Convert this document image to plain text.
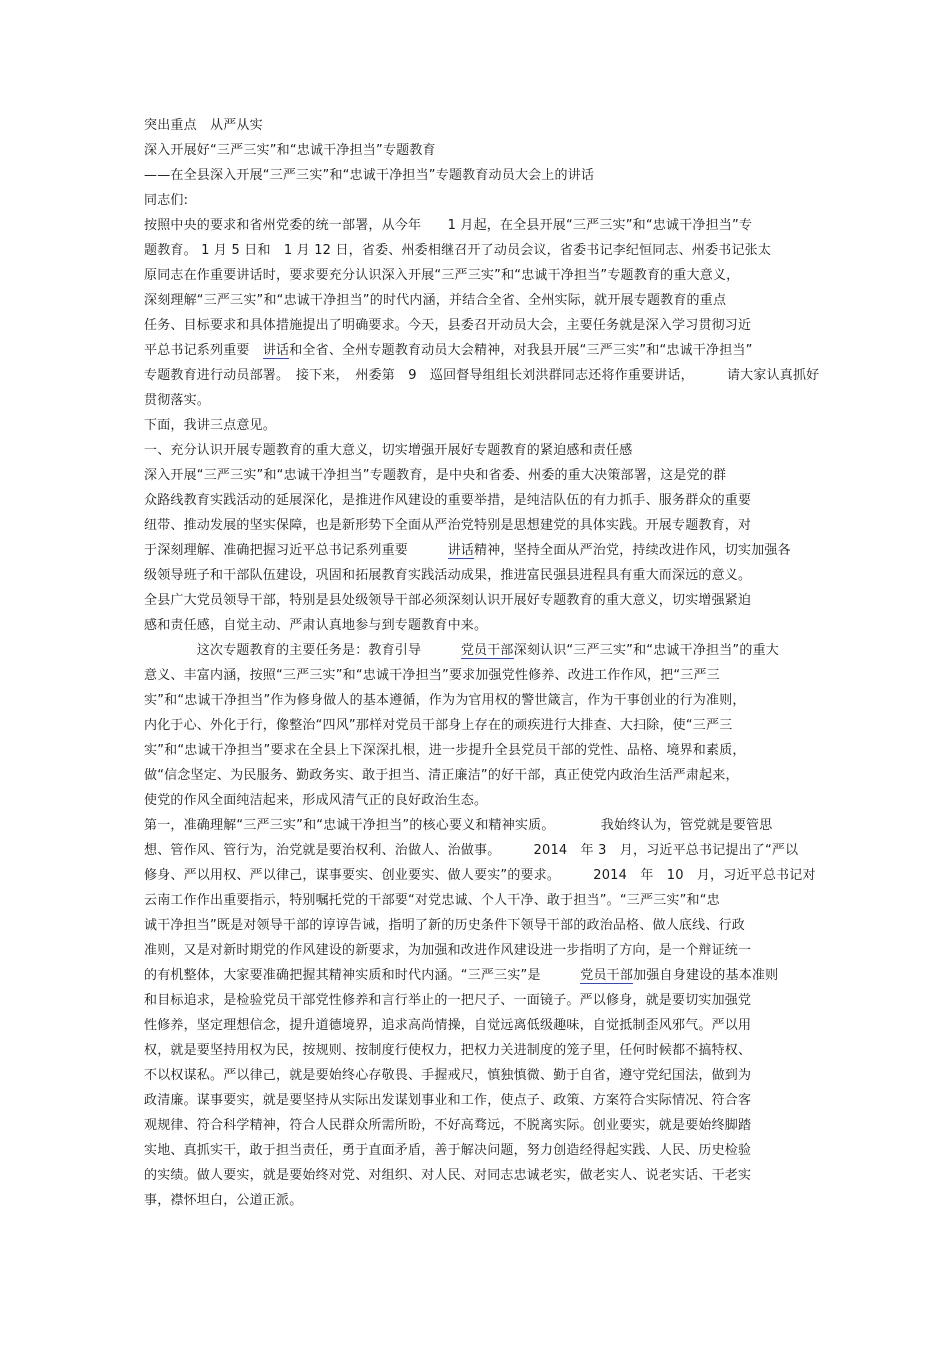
突出重点　从严从实
深入开展好“三严三实”和“忠诚干净担当”专题教育
——在全县深入开展“三严三实”和“忠诚干净担当”专题教育动员大会上的讲话
同志们:
按照中央的要求和省州党委的统一部署，从今年　　1 月起，在全县开展“三严三实”和“忠诚干净担当”专
题教育。 1 月 5 日和　1 月 12 日，省委、州委相继召开了动员会议，省委书记李纪恒同志、州委书记张太
原同志在作重要讲话时，要求要充分认识深入开展“三严三实”和“忠诚干净担当”专题教育的重大意义，
深刻理解“三严三实”和“忠诚干净担当”的时代内涵，并结合全省、全州实际，就开展专题教育的重点
任务、目标要求和具体措施提出了明确要求。今天，县委召开动员大会，主要任务就是深入学习贯彻习近
平总书记系列重要　 讲话和全省、全州专题教育动员大会精神，对我县开展“三严三实”和“忠诚干净担当”
专题教育进行动员部署。　接下来，　州委第　9　巡回督导组组长刘洪群同志还将作重要讲话，　　　请大家认真抓好
贯彻落实。
下面，我讲三点意见。
一、充分认识开展专题教育的重大意义，切实增强开展好专题教育的紧迫感和责任感
深入开展“三严三实”和“忠诚干净担当”专题教育，是中央和省委、州委的重大决策部署，这是党的群
众路线教育实践活动的延展深化，是推进作风建设的重要举措，是纯洁队伍的有力抓手、服务群众的重要
纽带、推动发展的坚实保障，也是新形势下全面从严治党特别是思想建党的具体实践。开展专题教育，对
于深刻理解、准确把握习近平总书记系列重要　　　	讲话精神，坚持全面从严治党，持续改进作风，切实加强各
级领导班子和干部队伍建设，巩固和拓展教育实践活动成果，推进富民强县进程具有重大而深远的意义。
全县广大党员领导干部，特别是县处级领导干部必须深刻认识开展好专题教育的重大意义，切实增强紧迫
感和责任感，自觉主动、严肃认真地参与到专题教育中来。
　　　　这次专题教育的主要任务是：教育引导　　　	党员干部深刻认识“三严三实”和“忠诚干净担当”的重大
意义、丰富内涵，按照“三严三实”和“忠诚干净担当”要求加强党性修养、改进工作作风，把“三严三
实”和“忠诚干净担当”作为修身做人的基本遵循，作为为官用权的警世箴言，作为干事创业的行为准则，
内化于心、外化于行，像整治“四风”那样对党员干部身上存在的顽疾进行大排查、大扫除，使“三严三
实”和“忠诚干净担当”要求在全县上下深深扎根，进一步提升全县党员干部的党性、品格、境界和素质，
做“信念坚定、为民服务、勤政务实、敢于担当、清正廉洁”的好干部，真正使党内政治生活严肃起来，
使党的作风全面纯洁起来，形成风清气正的良好政治生态。
第一，准确理解“三严三实”和“忠诚干净担当”的核心要义和精神实质。　　　　我始终认为，管党就是要管思
想、管作风、管行为，治党就是要治权利、治做人、治做事。　　　2014　年 3　月，习近平总书记提出了“严以
修身、严以用权、严以律己，谋事要实、创业要实、做人要实”的要求。　　　2014　年　10　月，习近平总书记对
云南工作作出重要指示，特别嘱托党的干部要“对党忠诚、个人干净、敢于担当”。“三严三实”和“忠
诚干净担当”既是对领导干部的谆谆告诫，指明了新的历史条件下领导干部的政治品格、做人底线、行政
准则，又是对新时期党的作风建设的新要求，为加强和改进作风建设进一步指明了方向，是一个辩证统一
的有机整体，大家要准确把握其精神实质和时代内涵。“三严三实”是　　　	党员干部加强自身建设的基本准则
和目标追求，是检验党员干部党性修养和言行举止的一把尺子、一面镜子。严以修身，就是要切实加强党
性修养，坚定理想信念，提升道德境界，追求高尚情操，自觉远离低级趣味，自觉抵制歪风邪气。严以用
权，就是要坚持用权为民，按规则、按制度行使权力，把权力关进制度的笼子里，任何时候都不搞特权、
不以权谋私。严以律己，就是要始终心存敬畏、手握戒尺，慎独慎微、勤于自省，遵守党纪国法，做到为
政清廉。谋事要实，就是要坚持从实际出发谋划事业和工作，使点子、政策、方案符合实际情况、符合客
观规律、符合科学精神，符合人民群众所需所盼，不好高骛远，不脱离实际。创业要实，就是要始终脚踏
实地、真抓实干，敢于担当责任，勇于直面矛盾，善于解决问题，努力创造经得起实践、人民、历史检验
的实绩。做人要实，就是要始终对党、对组织、对人民、对同志忠诚老实，做老实人、说老实话、干老实
事，襟怀坦白，公道正派。
